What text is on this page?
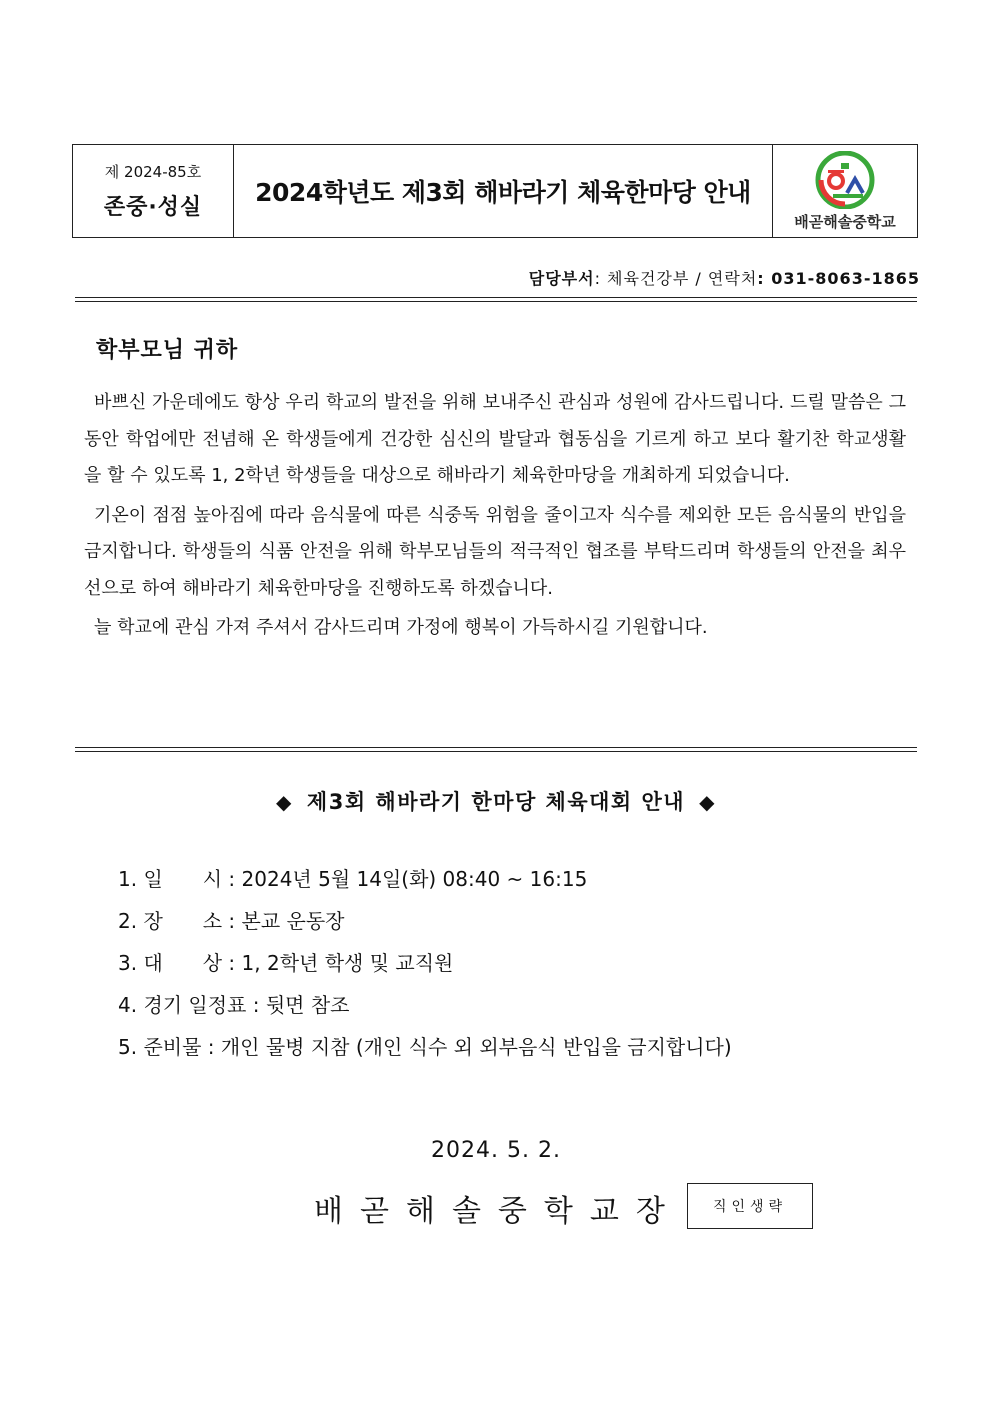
제 2024-85호
존중·성실
2024학년도 제3회 해바라기 체육한마당 안내
배곧해솔중학교
담당부서: 체육건강부 / 연락처: 031-8063-1865
학부모님 귀하

바쁘신 가운데에도 항상 우리 학교의 발전을 위해 보내주신 관심과 성원에 감사드립니다. 드릴 말씀은 그동안 학업에만 전념해 온 학생들에게 건강한 심신의 발달과 협동심을 기르게 하고 보다 활기찬 학교생활을 할 수 있도록 1, 2학년 학생들을 대상으로 해바라기 체육한마당을 개최하게 되었습니다.

기온이 점점 높아짐에 따라 음식물에 따른 식중독 위험을 줄이고자 식수를 제외한 모든 음식물의 반입을 금지합니다. 학생들의 식품 안전을 위해 학부모님들의 적극적인 협조를 부탁드리며 학생들의 안전을 최우선으로 하여 해바라기 체육한마당을 진행하도록 하겠습니다.

늘 학교에 관심 가져 주셔서 감사드리며 가정에 행복이 가득하시길 기원합니다.

◆ 제3회 해바라기 한마당 체육대회 안내 ◆
1. 일　　시 : 2024년 5월 14일(화) 08:40 ~ 16:15
2. 장　　소 : 본교 운동장
3. 대　　상 : 1, 2학년 학생 및 교직원
4. 경기 일정표 : 뒷면 참조
5. 준비물 : 개인 물병 지참 (개인 식수 외 외부음식 반입을 금지합니다)
2024. 5. 2.
배곧해솔중학교장	직인생략
